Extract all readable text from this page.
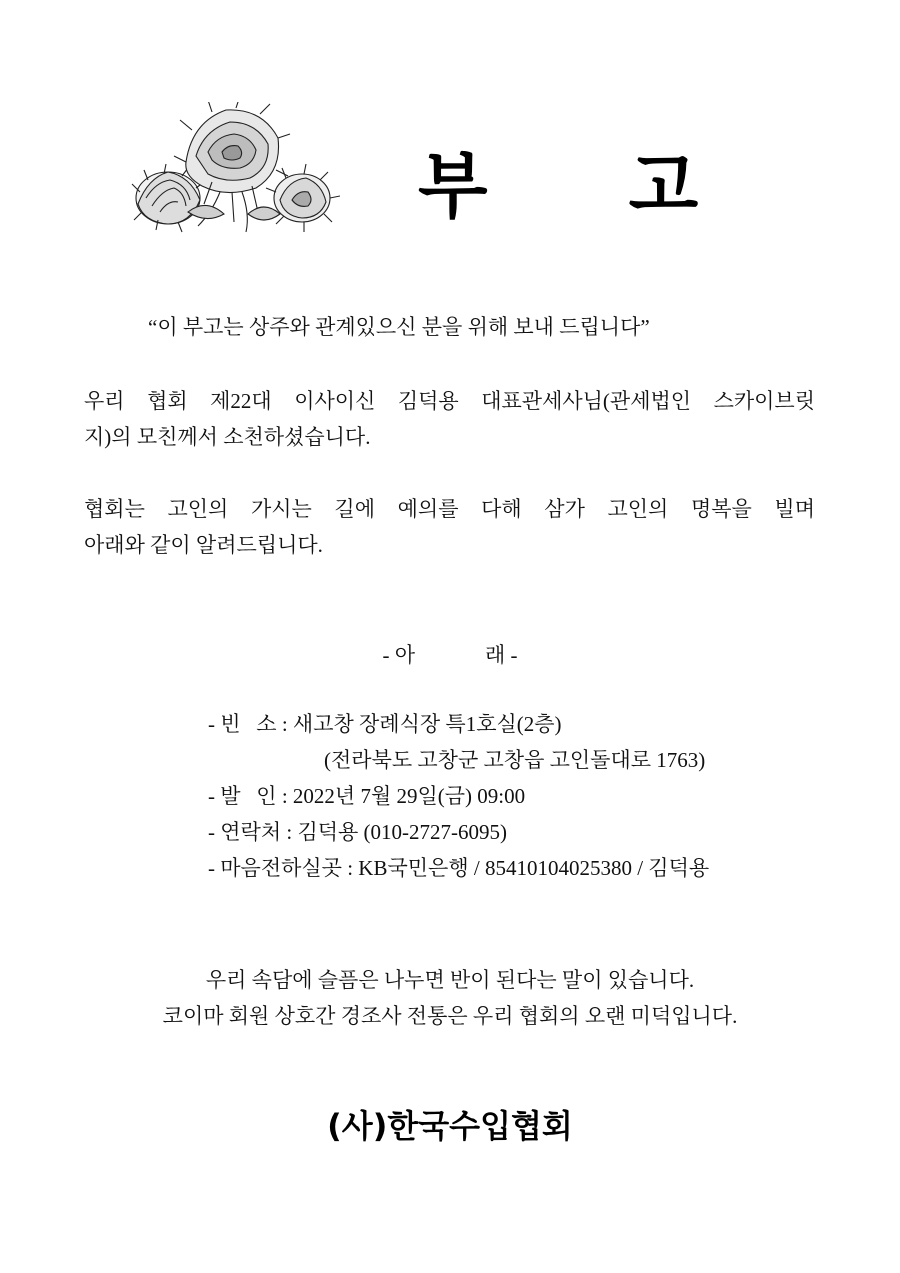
부 고
“이 부고는 상주와 관계있으신 분을 위해 보내 드립니다”
우리 협회 제22대 이사이신 김덕용 대표관세사님(관세법인 스카이브릿
지)의 모친께서 소천하셨습니다.
협회는 고인의 가시는 길에 예의를 다해 삼가 고인의 명복을 빌며
아래와 같이 알려드립니다.
- 아	래 -
- 빈   소 : 새고창 장례식장 특1호실(2층)
(전라북도 고창군 고창읍 고인돌대로 1763)
- 발   인 : 2022년 7월 29일(금) 09:00
- 연락처 : 김덕용 (010-2727-6095)
- 마음전하실곳 : KB국민은행 / 85410104025380 / 김덕용
우리 속담에 슬픔은 나누면 반이 된다는 말이 있습니다.
코이마 회원 상호간 경조사 전통은 우리 협회의 오랜 미덕입니다.
(사)한국수입협회
